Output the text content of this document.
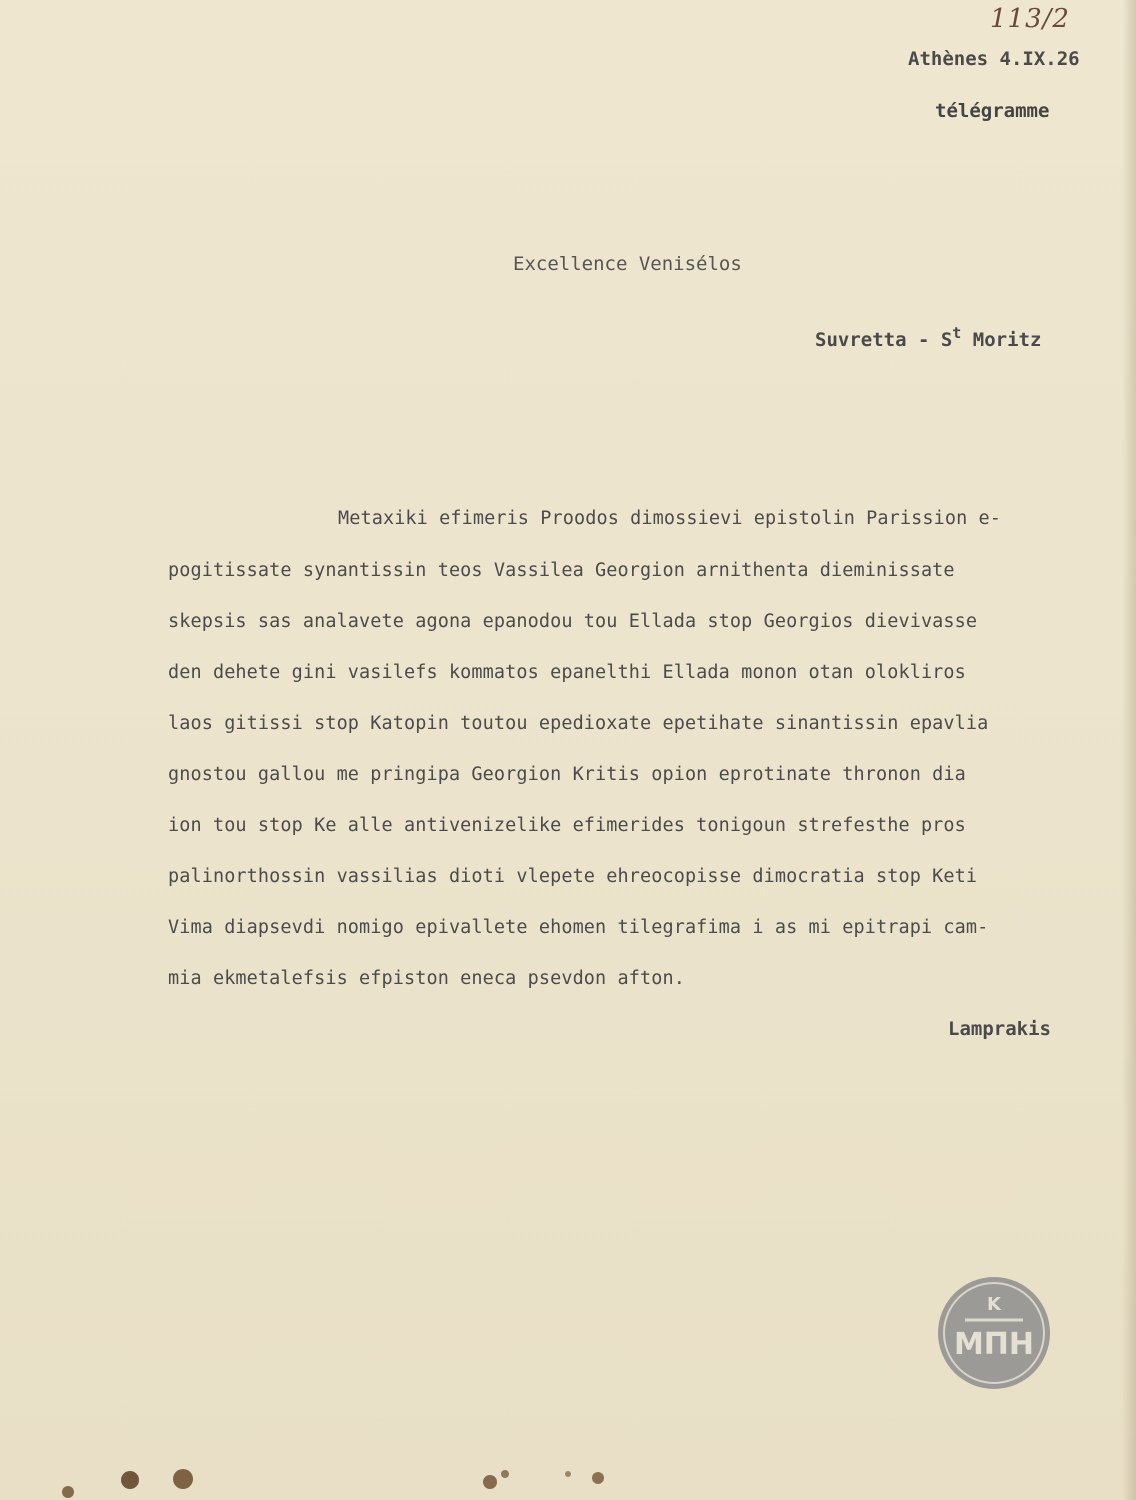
113/2
Athènes 4.IX.26
télégramme
Excellence Venisélos
Suvretta - $S^t$ Moritz
Metaxiki efimeris Proodos dimossievi epistolin Parission e-
pogitissate synantissin teos Vassilea Georgion arnithenta dieminissate
skepsis sas analavete agona epanodou tou Ellada stop Georgios dievivasse
den dehete gini vasilefs kommatos epanelthi Ellada monon otan olokliros
laos gitissi stop Katopin toutou epedioxate epetihate sinantissin epavlia
gnostou gallou me pringipa Georgion Kritis opion eprotinate thronon dia
ion tou stop Ke alle antivenizelike efimerides tonigoun strefesthe pros
palinorthossin vassilias dioti vlepete ehreocopisse dimocratia stop Keti
Vima diapsevdi nomigo epivallete ehomen tilegrafima i as mi epitrapi cam-
mia ekmetalefsis efpiston eneca psevdon afton.
Lamprakis
Κ
ΜΠΗ
